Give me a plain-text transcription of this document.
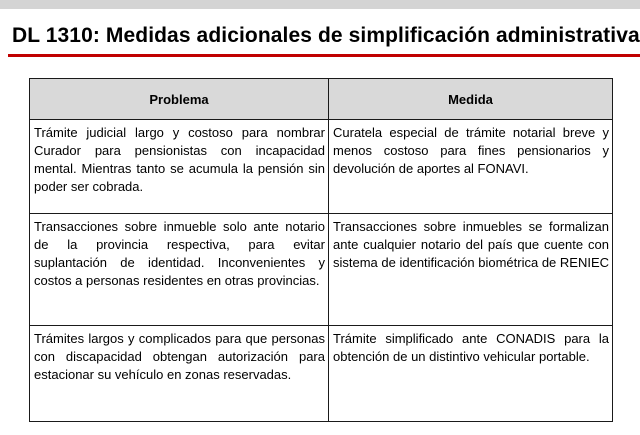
DL 1310: Medidas adicionales de simplificación administrativa
Problema	Medida
Trámite judicial largo y costoso para nombrar Curador para pensionistas con incapacidad mental. Mientras tanto se acumula la pensión sin poder ser cobrada.	Curatela especial de trámite notarial breve y menos costoso para fines pensionarios y devolución de aportes al FONAVI.
Transacciones sobre inmueble solo ante notario de la provincia respectiva, para evitar suplantación de identidad. Inconvenientes y costos a personas residentes en otras provincias.	Transacciones sobre inmuebles se formalizan ante cualquier notario del país que cuente con sistema de identificación biométrica de RENIEC
Trámites largos y complicados para que personas con discapacidad obtengan autorización para estacionar su vehículo en zonas reservadas.	Trámite simplificado ante CONADIS para la obtención de un distintivo vehicular portable.
